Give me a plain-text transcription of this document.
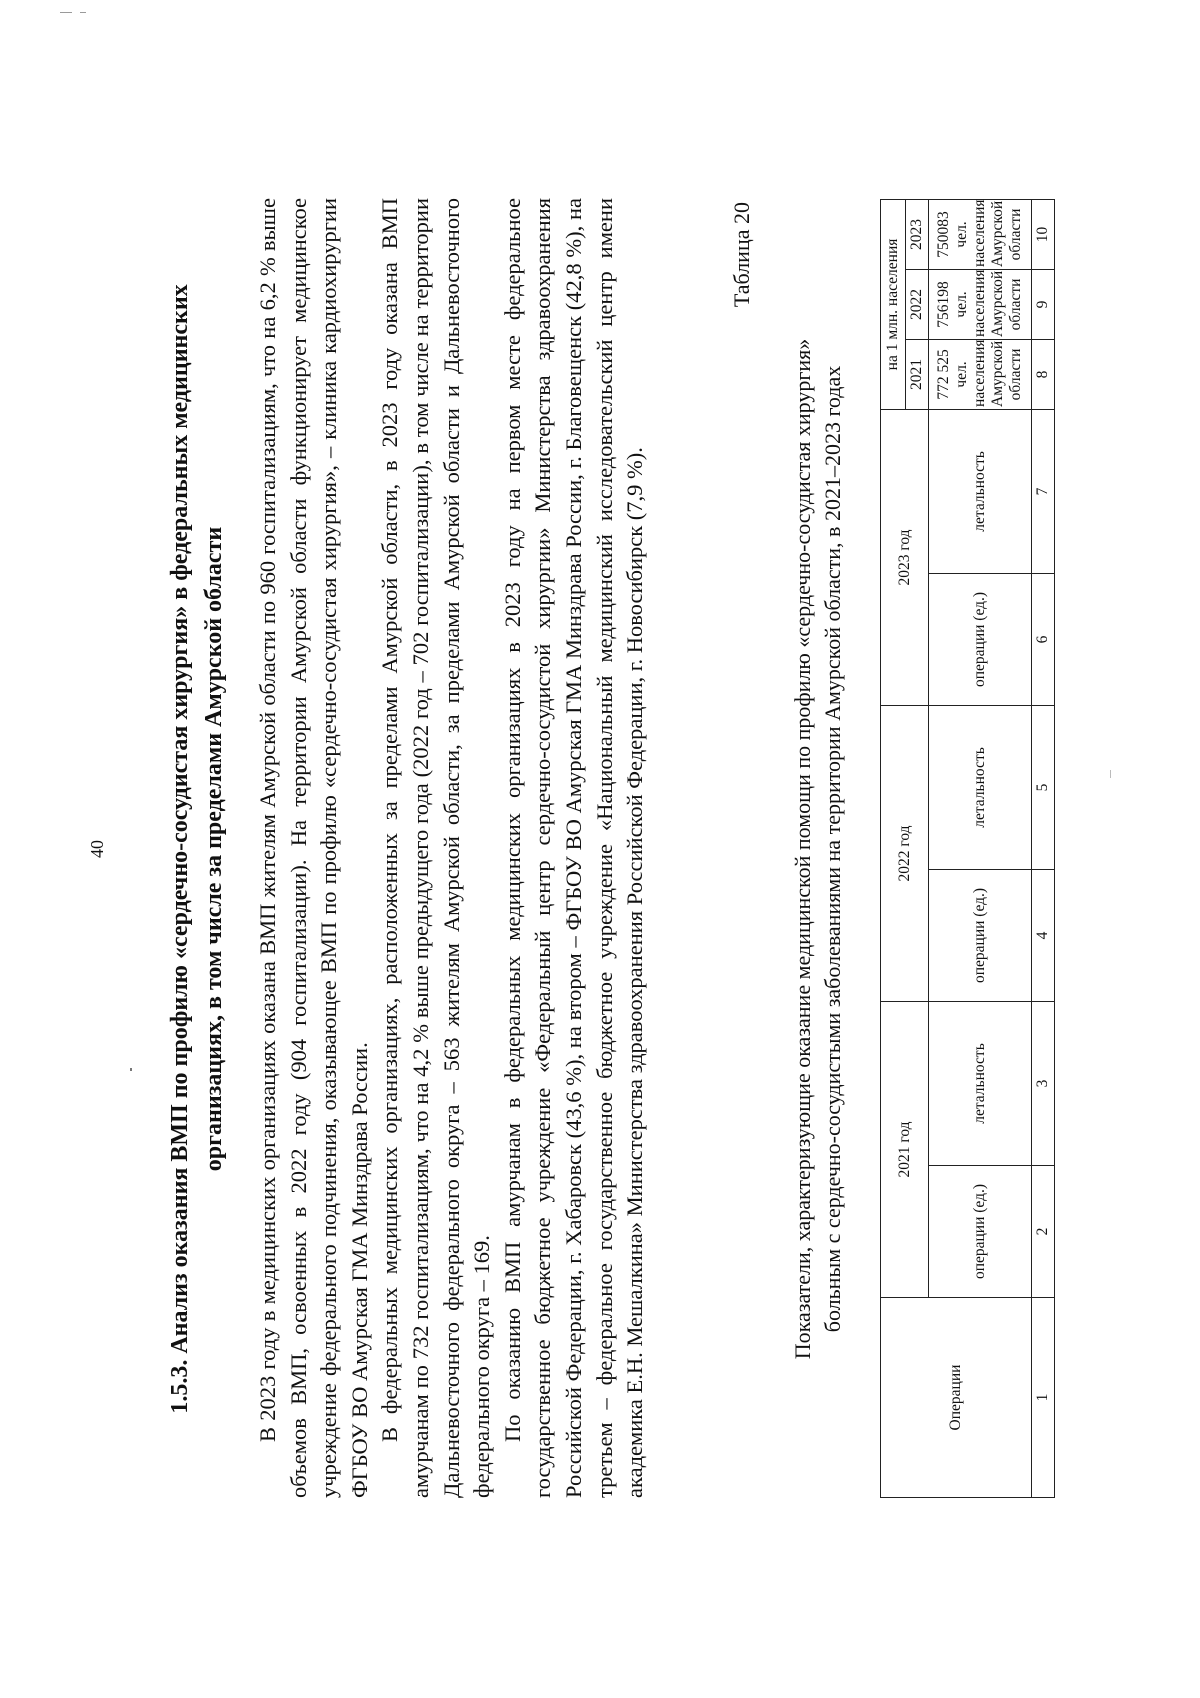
40	1.5.3. Анализ оказания ВМП по профилю «сердечно-сосудистая хирургия» в федеральных медицинских организациях, в том числе за пределами Амурской области В 2023 году в медицинских организациях оказана ВМП жителям Амурской области по 960 госпитализациям, что на 6,2 % выше объемов ВМП, освоенных в 2022 году (904 госпитализации). На территории Амурской области функционирует медицинское учреждение федерального подчинения, оказывающее ВМП по профилю «сердечно-сосудистая хирургия», – клиника кардиохирургии ФГБОУ ВО Амурская ГМА Минздрава России. В федеральных медицинских организациях, расположенных за пределами Амурской области, в 2023 году оказана ВМП амурчанам по 732 госпитализациям, что на 4,2 % выше предыдущего года (2022 год – 702 госпитализации), в том числе на территории Дальневосточного федерального округа – 563 жителям Амурской области, за пределами Амурской области и Дальневосточного федерального округа – 169. По оказанию ВМП амурчанам в федеральных медицинских организациях в 2023 году на первом месте федеральное государственное бюджетное учреждение «Федеральный центр сердечно-сосудистой хирургии» Министерства здравоохранения Российской Федерации, г. Хабаровск (43,6 %), на втором – ФГБОУ ВО Амурская ГМА Минздрава России, г. Благовещенск (42,8 %), на третьем – федеральное государственное бюджетное учреждение «Национальный медицинский исследовательский центр имени академика Е.Н. Мешалкина» Министерства здравоохранения Российской Федерации, г. Новосибирск (7,9 %).

Таблица 20
Показатели, характеризующие оказание медицинской помощи по профилю «сердечно-сосудистая хирургия» больным с сердечно-сосудистыми заболеваниями на территории Амурской области, в 2021–2023 годах
Операции	2021 год		2022 год		2023 год		на 1 млн. населения		
							2021	2022	2023
	операции (ед.)	летальность	операции (ед.)	летальность	операции (ед.)	летальность	772 525 чел. населения Амурской области	756198 чел. населения Амурской области	750083 чел. населения Амурской области
1	2	3	4	5	6	7	8	9	10
